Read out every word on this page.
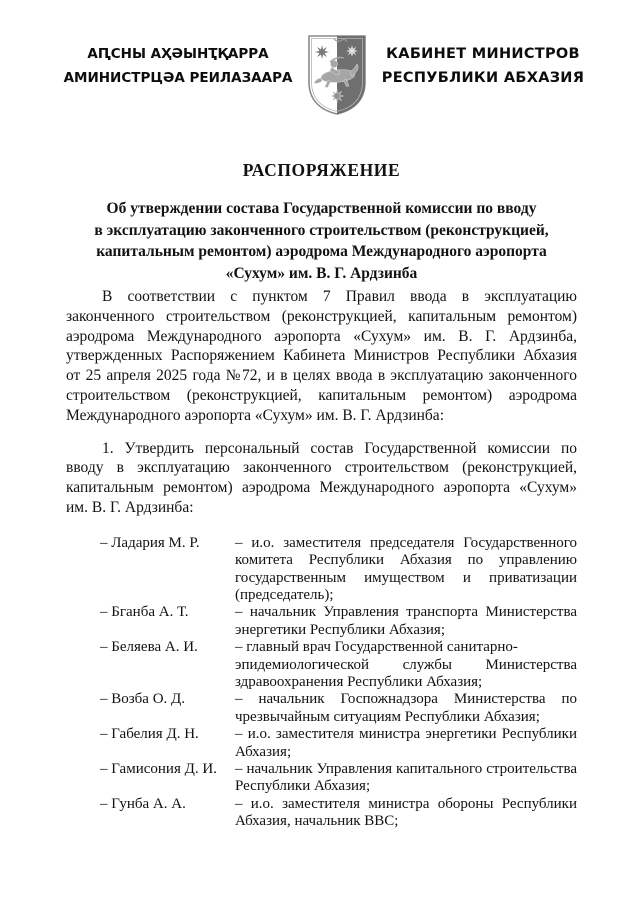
АԤСНЫ АҲӘЫНҬҚАРРА
АМИНИСТРЦӘА РЕИЛАЗААРА
КАБИНЕТ МИНИСТРОВ
РЕСПУБЛИКИ АБХАЗИЯ
РАСПОРЯЖЕНИЕ
Об утверждении состава Государственной комиссии по вводу
в эксплуатацию законченного строительством (реконструкцией,
капитальным ремонтом) аэродрома Международного аэропорта
«Сухум» им. В. Г. Ардзинба
В соответствии с пунктом 7 Правил ввода в эксплуатацию
законченного строительством (реконструкцией, капитальным ремонтом)
аэродрома Международного аэропорта «Сухум» им. В. Г. Ардзинба,
утвержденных Распоряжением Кабинета Министров Республики Абхазия
от 25 апреля 2025 года №72, и в целях ввода в эксплуатацию законченного
строительством (реконструкцией, капитальным ремонтом) аэродрома
Международного аэропорта «Сухум» им. В. Г. Ардзинба:
1. Утвердить персональный состав Государственной комиссии по
вводу в эксплуатацию законченного строительством (реконструкцией,
капитальным ремонтом) аэродрома Международного аэропорта «Сухум»
им. В. Г. Ардзинба:
– Ладария М. Р.	– и.о. заместителя председателя Государственного
комитета Республики Абхазия по управлению
государственным имуществом и приватизации
(председатель);
– Бганба А. Т.	– начальник Управления транспорта Министерства
энергетики Республики Абхазия;
– Беляева А. И.	– главный врач Государственной санитарно-
эпидемиологической службы Министерства
здравоохранения Республики Абхазия;
– Возба О. Д.	– начальник Госпожнадзора Министерства по
чрезвычайным ситуациям Республики Абхазия;
– Габелия Д. Н.	– и.о. заместителя министра энергетики Республики
Абхазия;
– Гамисония Д. И.	– начальник Управления капитального строительства
Республики Абхазия;
– Гунба А. А.	– и.о. заместителя министра обороны Республики
Абхазия, начальник ВВС;
